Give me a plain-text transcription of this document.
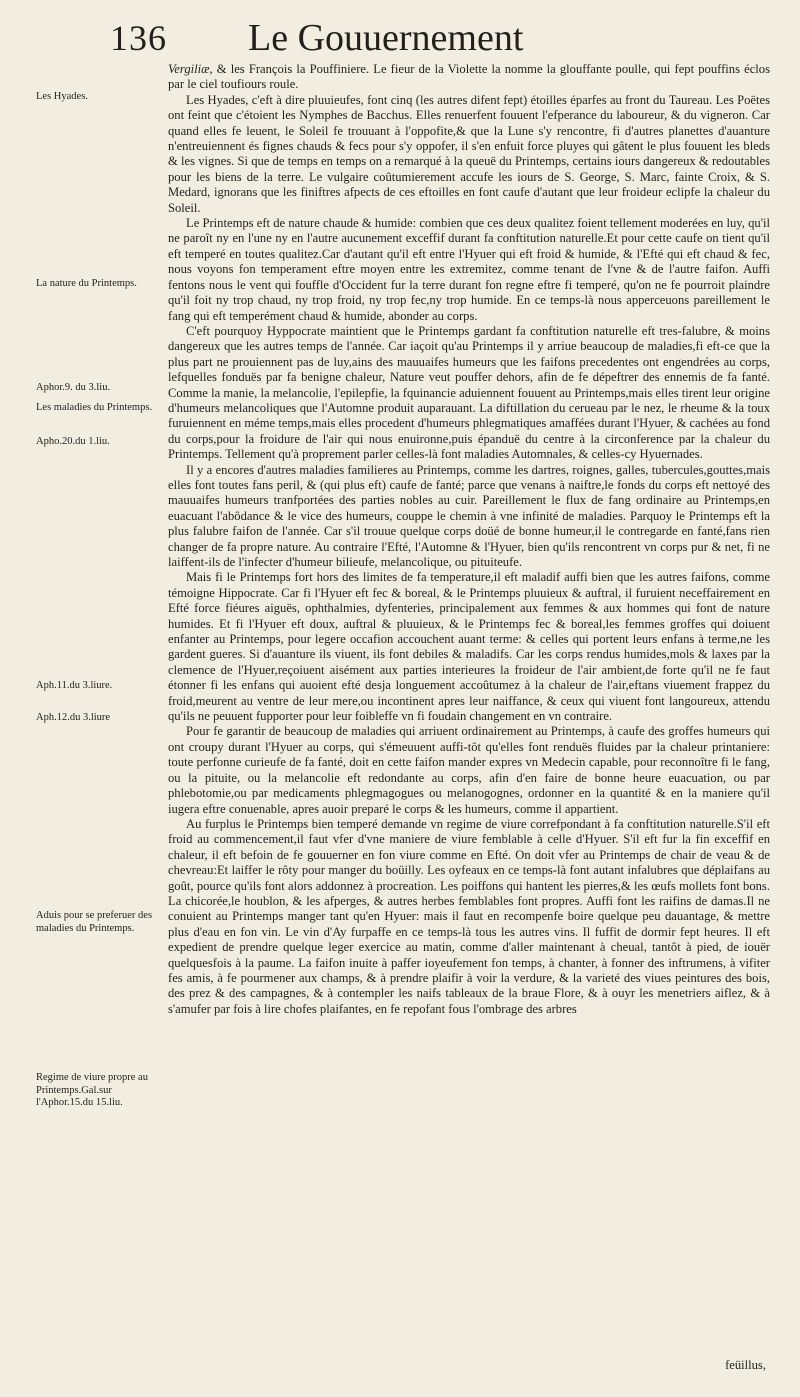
136 Le Gouuernement
Les Hyades.
La nature du Printemps.
Aphor.9. du 3.liu.
Les maladies du Printemps.
Apho.20.du 1.liu.
Aph.11.du 3.liure.
Aph.12.du 3.liure
Aduis pour se preferuer des maladies du Printemps.
Regime de viure propre au Printemps.Gal.sur l'Aphor.15.du 15.liu.

Vergiliæ, & les François la Pouffiniere. Le fieur de la Violette la nomme la glouffante poulle, qui fept pouffins éclos par le ciel toufiours roule.

Les Hyades, c'eft à dire pluuieufes, font cinq (les autres difent fept) étoilles éparfes au front du Taureau. Les Poëtes ont feint que c'étoient les Nymphes de Bacchus. Elles renuerfent fouuent l'efperance du laboureur, & du vigneron. Car quand elles fe leuent, le Soleil fe trouuant à l'oppofite,& que la Lune s'y rencontre, fi d'autres planettes d'auanture n'entreuiennent és fignes chauds & fecs pour s'y oppofer, il s'en enfuit force pluyes qui gâtent le plus fouuent les bleds & les vignes. Si que de temps en temps on a remarqué à la queuë du Printemps, certains iours dangereux & redoutables pour les biens de la terre. Le vulgaire coûtumierement accufe les iours de S. George, S. Marc, fainte Croix, & S. Medard, ignorans que les finiftres afpects de ces eftoilles en font caufe d'autant que leur froideur eclipfe la chaleur du Soleil.

Le Printemps eft de nature chaude & humide: combien que ces deux qualitez foient tellement moderées en luy, qu'il ne paroît ny en l'une ny en l'autre aucunement exceffif durant fa conftitution naturelle.Et pour cette caufe on tient qu'il eft temperé en toutes qualitez.Car d'autant qu'il eft entre l'Hyuer qui eft froid & humide, & l'Efté qui eft chaud & fec, nous voyons fon temperament eftre moyen entre les extremitez, comme tenant de l'vne & de l'autre faifon. Auffi fentons nous le vent qui fouffle d'Occident fur la terre durant fon regne eftre fi temperé, qu'on ne fe pourroit plaindre qu'il foit ny trop chaud, ny trop froid, ny trop fec,ny trop humide. En ce temps-là nous apperceuons pareillement le fang qui eft temperément chaud & humide, abonder au corps.

C'eft pourquoy Hyppocrate maintient que le Printemps gardant fa conftitution naturelle eft tres-falubre, & moins dangereux que les autres temps de l'année. Car iaçoit qu'au Printemps il y arriue beaucoup de maladies,fi eft-ce que la plus part ne prouiennent pas de luy,ains des mauuaifes humeurs que les faifons precedentes ont engendrées au corps, lefquelles fonduës par fa benigne chaleur, Nature veut pouffer dehors, afin de fe dépeftrer des ennemis de fa fanté. Comme la manie, la melancolie, l'epilepfie, la fquinancie aduiennent fouuent au Printemps,mais elles tirent leur origine d'humeurs melancoliques que l'Automne produit auparauant. La diftillation du cerueau par le nez, le rheume & la toux furuiennent en méme temps,mais elles procedent d'humeurs phlegmatiques amaffées durant l'Hyuer, & cachées au fond du corps,pour la froidure de l'air qui nous enuironne,puis épanduë du centre à la circonference par la chaleur du Printemps. Tellement qu'à proprement parler celles-là font maladies Automnales, & celles-cy Hyuernades.

Il y a encores d'autres maladies familieres au Printemps, comme les dartres, roignes, galles, tubercules,gouttes,mais elles font toutes fans peril, & (qui plus eft) caufe de fanté; parce que venans à naiftre,le fonds du corps eft nettoyé des mauuaifes humeurs tranfportées des parties nobles au cuir. Pareillement le flux de fang ordinaire au Printemps,en euacuant l'abôdance & le vice des humeurs, couppe le chemin à vne infinité de maladies. Parquoy le Printemps eft la plus falubre faifon de l'année. Car s'il trouue quelque corps doüé de bonne humeur,il le contregarde en fanté,fans rien changer de fa propre nature. Au contraire l'Efté, l'Automne & l'Hyuer, bien qu'ils rencontrent vn corps pur & net, fi ne laiffent-ils de l'infecter d'humeur bilieufe, melancolique, ou pituiteufe.

Mais fi le Printemps fort hors des limites de fa temperature,il eft maladif auffi bien que les autres faifons, comme témoigne Hippocrate. Car fi l'Hyuer eft fec & boreal, & le Printemps pluuieux & auftral, il furuient neceffairement en Efté force fiéures aiguës, ophthalmies, dyfenteries, principalement aux femmes & aux hommes qui font de nature humides. Et fi l'Hyuer eft doux, auftral & pluuieux, & le Printemps fec & boreal,les femmes groffes qui doiuent enfanter au Printemps, pour legere occafion accouchent auant terme: & celles qui portent leurs enfans à terme,ne les gardent gueres. Si d'auanture ils viuent, ils font debiles & maladifs. Car les corps rendus humides,mols & laxes par la clemence de l'Hyuer,reçoiuent aisément aux parties interieures la froideur de l'air ambient,de forte qu'il ne fe faut étonner fi les enfans qui auoient efté desja longuement accoûtumez à la chaleur de l'air,eftans viuement frappez du froid,meurent au ventre de leur mere,ou incontinent apres leur naiffance, & ceux qui viuent font langoureux, attendu qu'ils ne peuuent fupporter pour leur foibleffe vn fi foudain changement en vn contraire.

Pour fe garantir de beaucoup de maladies qui arriuent ordinairement au Printemps, à caufe des groffes humeurs qui ont croupy durant l'Hyuer au corps, qui s'émeuuent auffi-tôt qu'elles font renduës fluides par la chaleur printaniere: toute perfonne curieufe de fa fanté, doit en cette faifon mander expres vn Medecin capable, pour reconnoître fi le fang, ou la pituite, ou la melancolie eft redondante au corps, afin d'en faire de bonne heure euacuation, ou par phlebotomie,ou par medicaments phlegmagogues ou melanogognes, ordonner en la quantité & en la maniere qu'il iugera eftre conuenable, apres auoir preparé le corps & les humeurs, comme il appartient.

Au furplus le Printemps bien temperé demande vn regime de viure correfpondant à fa conftitution naturelle.S'il eft froid au commencement,il faut vfer d'vne maniere de viure femblable à celle d'Hyuer. S'il eft fur la fin exceffif en chaleur, il eft befoin de fe gouuerner en fon viure comme en Efté. On doit vfer au Printemps de chair de veau & de chevreau:Et laiffer le rôty pour manger du boüilly. Les oyfeaux en ce temps-là font autant infalubres que déplaifans au goût, pource qu'ils font alors addonnez à procreation. Les poiffons qui hantent les pierres,& les œufs mollets font bons. La chicorée,le houblon, & les afperges, & autres herbes femblables font propres. Auffi font les raifins de damas.Il ne conuient au Printemps manger tant qu'en Hyuer: mais il faut en recompenfe boire quelque peu dauantage, & mettre plus d'eau en fon vin. Le vin d'Ay furpaffe en ce temps-là tous les autres vins. Il fuffit de dormir fept heures. Il eft expedient de prendre quelque leger exercice au matin, comme d'aller maintenant à cheual, tantôt à pied, de iouër quelquesfois à la paume. La faifon inuite à paffer ioyeufement fon temps, à chanter, à fonner des inftrumens, à vifiter fes amis, à fe pourmener aux champs, & à prendre plaifir à voir la verdure, & la varieté des viues peintures des bois, des prez & des campagnes, & à contempler les naifs tableaux de la braue Flore, & à ouyr les menetriers aiflez, & à s'amufer par fois à lire chofes plaifantes, en fe repofant fous l'ombrage des arbres

feüillus,
